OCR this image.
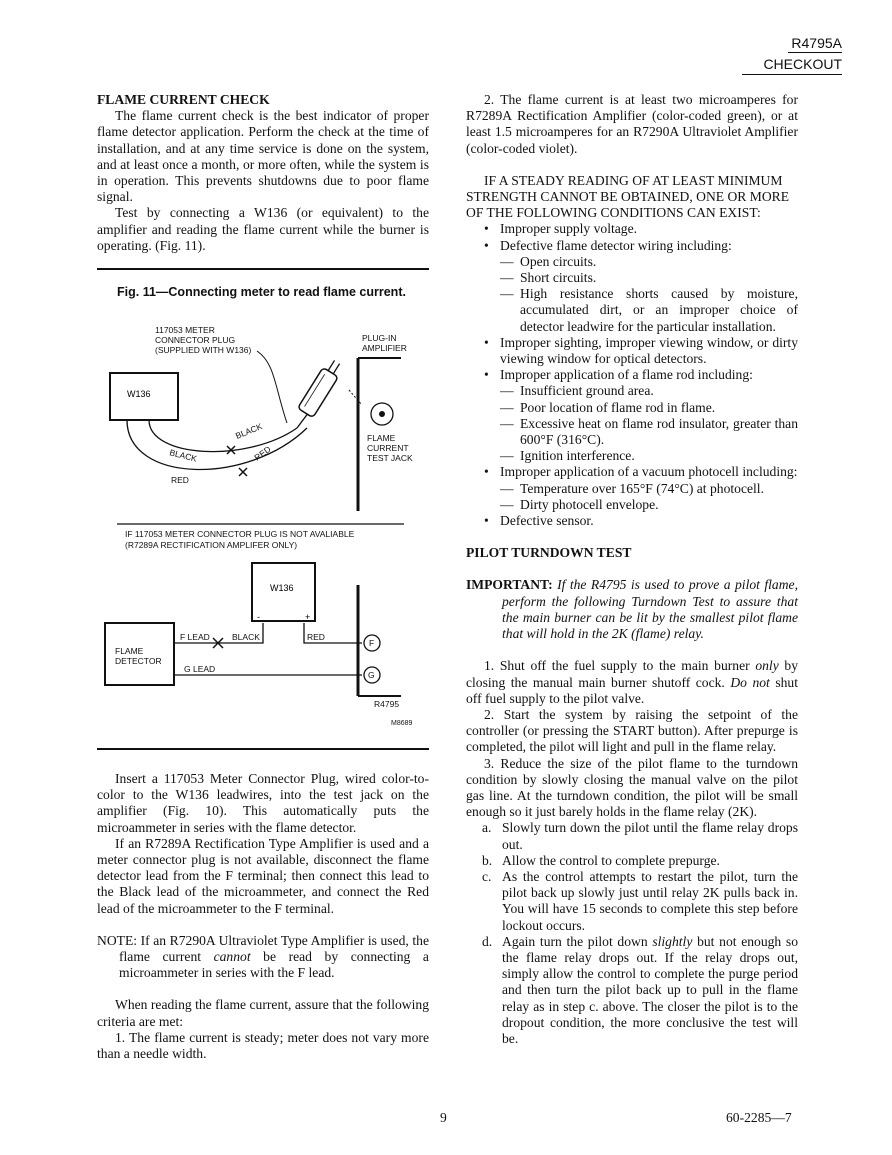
R4795A
CHECKOUT

FLAME CURRENT CHECK

The flame current check is the best indicator of proper flame detector application. Perform the check at the time of installation, and at any time service is done on the system, and at least once a month, or more often, while the system is in operation. This prevents shutdowns due to poor flame signal.

Test by connecting a W136 (or equivalent) to the amplifier and reading the flame current while the burner is operating. (Fig. 11).

Fig. 11—Connecting meter to read flame current.
117053 METER
CONNECTOR PLUG
(SUPPLIED WITH W136)
PLUG-IN
AMPLIFIER
W136
BLACK
BLACK	RED
RED
FLAME
CURRENT
TEST JACK
IF 117053 METER CONNECTOR PLUG IS NOT AVALIABLE
(R7289A RECTIFICATION AMPLIFER ONLY)
W136
-	+
FLAME
DETECTOR
F LEAD	BLACK	RED
G LEAD
F
G
R4795
M8689

Insert a 117053 Meter Connector Plug, wired color-to-color to the W136 leadwires, into the test jack on the amplifier (Fig. 10). This automatically puts the microammeter in series with the flame detector.

If an R7289A Rectification Type Amplifier is used and a meter connector plug is not available, disconnect the flame detector lead from the F terminal; then connect this lead to the Black lead of the microammeter, and connect the Red lead of the microammeter to the F terminal.

NOTE: If an R7290A Ultraviolet Type Amplifier is used, the flame current cannot be read by connecting a microammeter in series with the F lead.

When reading the flame current, assure that the following criteria are met:

1. The flame current is steady; meter does not vary more than a needle width.

2. The flame current is at least two microamperes for R7289A Rectification Amplifier (color-coded green), or at least 1.5 microamperes for an R7290A Ultraviolet Amplifier (color-coded violet).

IF A STEADY READING OF AT LEAST MINIMUM STRENGTH CANNOT BE OBTAINED, ONE OR MORE OF THE FOLLOWING CONDITIONS CAN EXIST:

• Improper supply voltage.
• Defective flame detector wiring including:
— Open circuits.
— Short circuits.
— High resistance shorts caused by moisture, accumulated dirt, or an improper choice of detector leadwire for the particular installation.
• Improper sighting, improper viewing window, or dirty viewing window for optical detectors.
• Improper application of a flame rod including:
— Insufficient ground area.
— Poor location of flame rod in flame.
— Excessive heat on flame rod insulator, greater than 600°F (316°C).
— Ignition interference.
• Improper application of a vacuum photocell including:
— Temperature over 165°F (74°C) at photocell.
— Dirty photocell envelope.
• Defective sensor.

PILOT TURNDOWN TEST

IMPORTANT: If the R4795 is used to prove a pilot flame, perform the following Turndown Test to assure that the main burner can be lit by the smallest pilot flame that will hold in the 2K (flame) relay.

1. Shut off the fuel supply to the main burner only by closing the manual main burner shutoff cock. Do not shut off fuel supply to the pilot valve.

2. Start the system by raising the setpoint of the controller (or pressing the START button). After prepurge is completed, the pilot will light and pull in the flame relay.

3. Reduce the size of the pilot flame to the turndown condition by slowly closing the manual valve on the pilot gas line. At the turndown condition, the pilot will be small enough so it just barely holds in the flame relay (2K).

a. Slowly turn down the pilot until the flame relay drops out.
b. Allow the control to complete prepurge.
c. As the control attempts to restart the pilot, turn the pilot back up slowly just until relay 2K pulls back in. You will have 15 seconds to complete this step before lockout occurs.
d. Again turn the pilot down slightly but not enough so the flame relay drops out. If the relay drops out, simply allow the control to complete the purge period and then turn the pilot back up to pull in the flame relay as in step c. above. The closer the pilot is to the dropout condition, the more conclusive the test will be.
9	60-2285—7
